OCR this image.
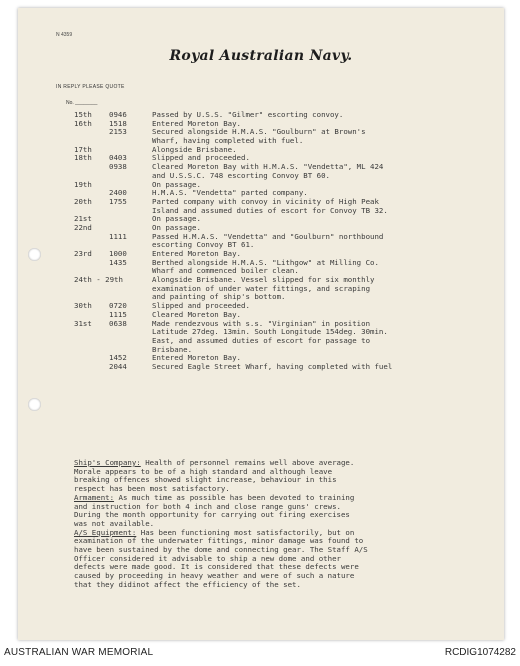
N 4359
Royal Australian Navy.
IN REPLY PLEASE QUOTE
No. ________
15th 0946	Passed by U.S.S. "Gilmer" escorting convoy.
16th 1518	Entered Moreton Bay.
2153	Secured alongside H.M.A.S. "Goulburn" at Brown's
Wharf, having completed with fuel.
17th	Alongside Brisbane.
18th 0403	Slipped and proceeded.
0938	Cleared Moreton Bay with H.M.A.S. "Vendetta", ML 424
and U.S.S.C. 748 escorting Convoy BT 60.
19th	On passage.
2400	H.M.A.S. "Vendetta" parted company.
20th 1755	Parted company with convoy in vicinity of High Peak
Island and assumed duties of escort for Convoy TB 32.
21st	On passage.
22nd	On passage.
1111	Passed H.M.A.S. "Vendetta" and "Goulburn" northbound
escorting Convoy BT 61.
23rd 1000	Entered Moreton Bay.
1435	Berthed alongside H.M.A.S. "Lithgow" at Milling Co.
Wharf and commenced boiler clean.
24th - 29th	Alongside Brisbane. Vessel slipped for six monthly
examination of under water fittings, and scraping
and painting of ship's bottom.
30th 0720	Slipped and proceeded.
1115	Cleared Moreton Bay.
31st 0638	Made rendezvous with s.s. "Virginian" in position
Latitude 27deg. 13min. South Longitude 154deg. 30min.
East, and assumed duties of escort for passage to
Brisbane.
1452	Entered Moreton Bay.
2044	Secured Eagle Street Wharf, having completed with fuel
Ship's Company: Health of personnel remains well above average.
Morale appears to be of a high standard and although leave
breaking offences showed slight increase, behaviour in this
respect has been most satisfactory.
Armament: As much time as possible has been devoted to training
and instruction for both 4 inch and close range guns' crews.
During the month opportunity for carrying out firing exercises
was not available.
A/S Equipment: Has been functioning most satisfactorily, but on
examination of the underwater fittings, minor damage was found to
have been sustained by the dome and connecting gear. The Staff A/S
Officer considered it advisable to ship a new dome and other
defects were made good. It is considered that these defects were
caused by proceeding in heavy weather and were of such a nature
that they didinot affect the efficiency of the set.
AUSTRALIAN WAR MEMORIAL	RCDIG1074282
